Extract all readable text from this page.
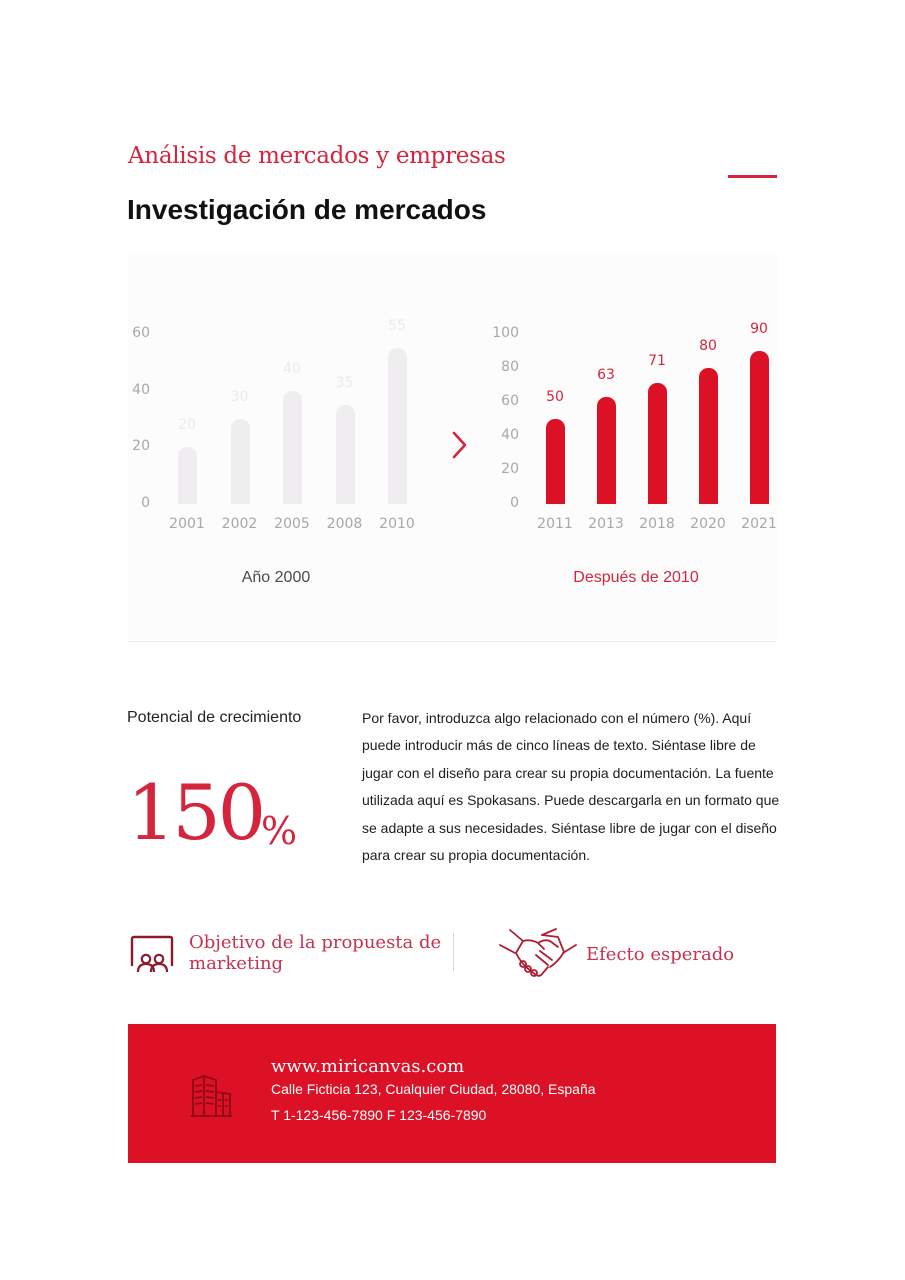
Análisis de mercados y empresas
Investigación de mercados
0
20
40
60
20
2001
30
2002
40
2005
35
2008
55
2010
Año 2000
0
20
40
60
80
100
50
2011
63
2013
71
2018
80
2020
90
2021
Después de 2010
Potencial de crecimiento
150
%
Por favor, introduzca algo relacionado con el número (%). Aquí puede introducir más de cinco líneas de texto. Siéntase libre de jugar con el diseño para crear su propia documentación. La fuente utilizada aquí es Spokasans. Puede descargarla en un formato que se adapte a sus necesidades. Siéntase libre de jugar con el diseño para crear su propia documentación.
Objetivo de la propuesta de
marketing	Efecto esperado
www.miricanvas.com
Calle Ficticia 123, Cualquier Ciudad, 28080, España
T 1-123-456-7890 F 123-456-7890
